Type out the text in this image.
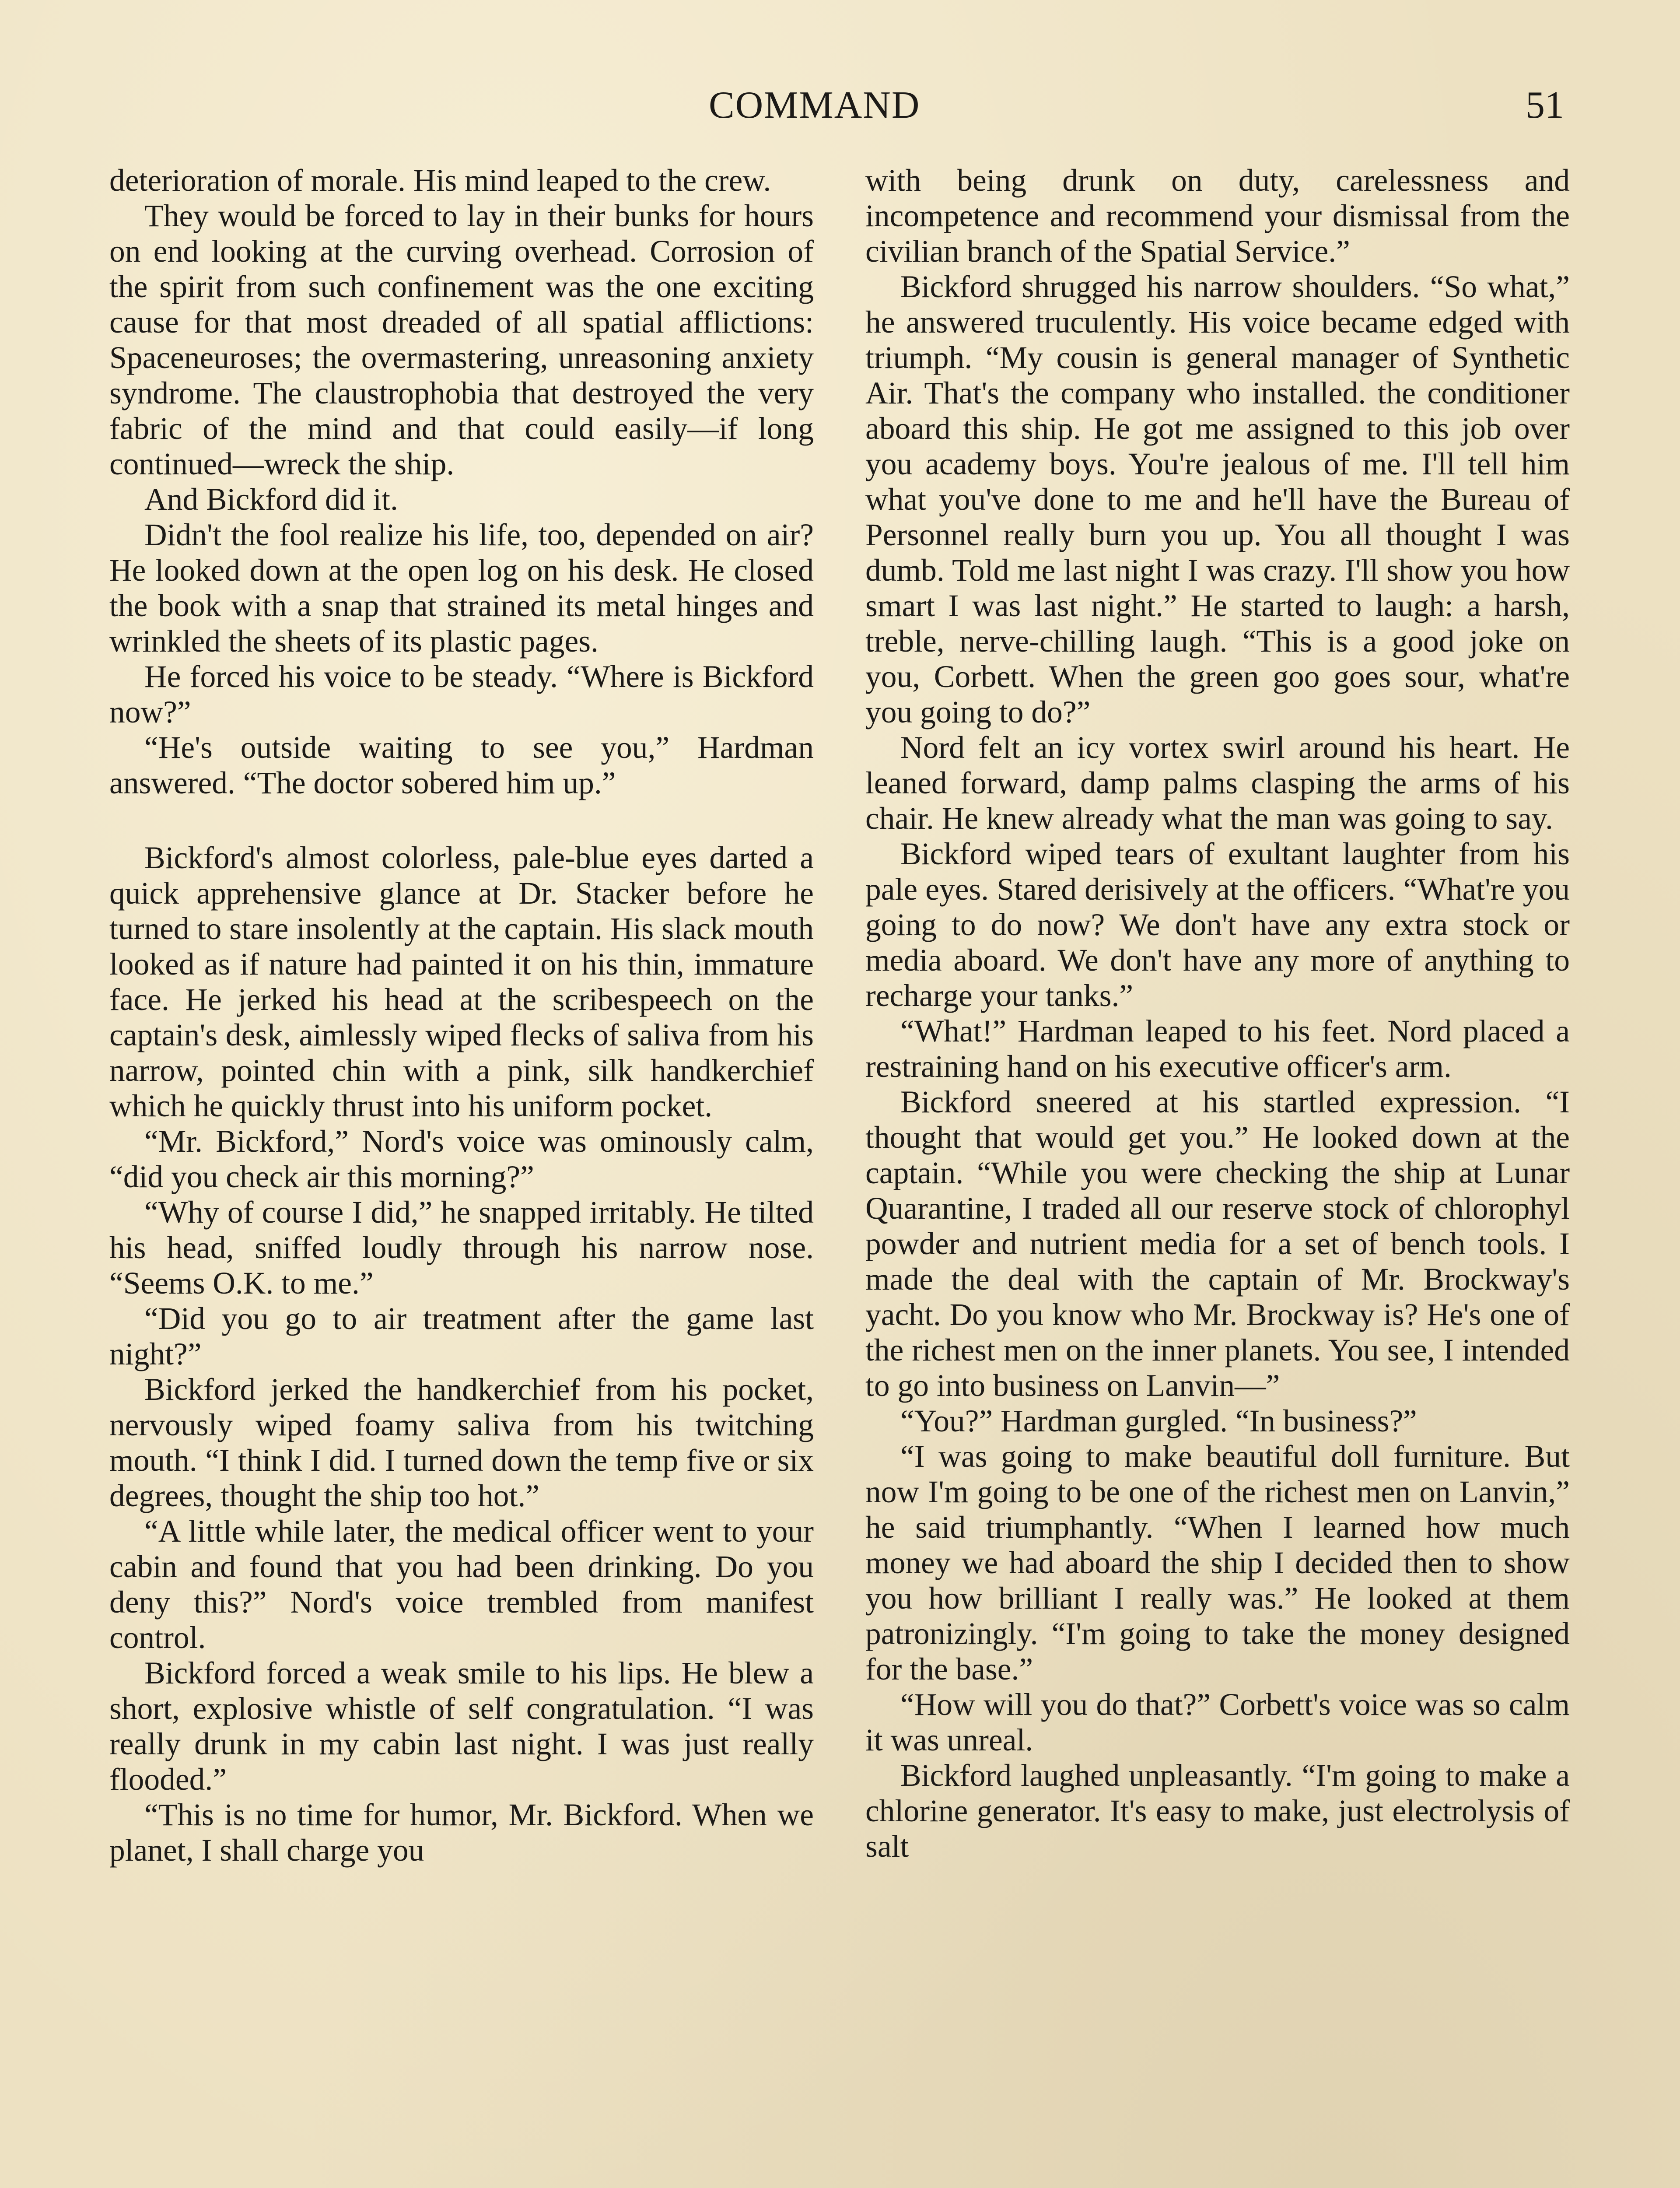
COMMAND	51

deterioration of morale. His mind leaped to the crew.

They would be forced to lay in their bunks for hours on end looking at the curving overhead. Corrosion of the spirit from such confinement was the one exciting cause for that most dreaded of all spatial afflictions: Spaceneuroses; the overmastering, unreasoning anxiety syndrome. The claustrophobia that destroyed the very fabric of the mind and that could easily—if long continued—wreck the ship.

And Bickford did it.

Didn't the fool realize his life, too, depended on air? He looked down at the open log on his desk. He closed the book with a snap that strained its metal hinges and wrinkled the sheets of its plastic pages.

He forced his voice to be steady. “Where is Bickford now?”

“He's outside waiting to see you,” Hardman answered. “The doctor sobered him up.”

Bickford's almost colorless, pale-blue eyes darted a quick apprehensive glance at Dr. Stacker before he turned to stare insolently at the captain. His slack mouth looked as if nature had painted it on his thin, immature face. He jerked his head at the scribespeech on the captain's desk, aimlessly wiped flecks of saliva from his narrow, pointed chin with a pink, silk handkerchief which he quickly thrust into his uniform pocket.

“Mr. Bickford,” Nord's voice was ominously calm, “did you check air this morning?”

“Why of course I did,” he snapped irritably. He tilted his head, sniffed loudly through his narrow nose. “Seems O.K. to me.”

“Did you go to air treatment after the game last night?”

Bickford jerked the handkerchief from his pocket, nervously wiped foamy saliva from his twitching mouth. “I think I did. I turned down the temp five or six degrees, thought the ship too hot.”

“A little while later, the medical officer went to your cabin and found that you had been drinking. Do you deny this?” Nord's voice trembled from manifest control.

Bickford forced a weak smile to his lips. He blew a short, explosive whistle of self congratulation. “I was really drunk in my cabin last night. I was just really flooded.”

“This is no time for humor, Mr. Bickford. When we planet, I shall charge you

with being drunk on duty, carelessness and incompetence and recommend your dismissal from the civilian branch of the Spatial Service.”

Bickford shrugged his narrow shoulders. “So what,” he answered truculently. His voice became edged with triumph. “My cousin is general manager of Synthetic Air. That's the company who installed. the conditioner aboard this ship. He got me assigned to this job over you academy boys. You're jealous of me. I'll tell him what you've done to me and he'll have the Bureau of Personnel really burn you up. You all thought I was dumb. Told me last night I was crazy. I'll show you how smart I was last night.” He started to laugh: a harsh, treble, nerve-chilling laugh. “This is a good joke on you, Corbett. When the green goo goes sour, what're you going to do?”

Nord felt an icy vortex swirl around his heart. He leaned forward, damp palms clasping the arms of his chair. He knew already what the man was going to say.

Bickford wiped tears of exultant laughter from his pale eyes. Stared derisively at the officers. “What're you going to do now? We don't have any extra stock or media aboard. We don't have any more of anything to recharge your tanks.”

“What!” Hardman leaped to his feet. Nord placed a restraining hand on his executive officer's arm.

Bickford sneered at his startled expression. “I thought that would get you.” He looked down at the captain. “While you were checking the ship at Lunar Quarantine, I traded all our reserve stock of chlorophyl powder and nutrient media for a set of bench tools. I made the deal with the captain of Mr. Brockway's yacht. Do you know who Mr. Brockway is? He's one of the richest men on the inner planets. You see, I intended to go into business on Lanvin—”

“You?” Hardman gurgled. “In business?”

“I was going to make beautiful doll furniture. But now I'm going to be one of the richest men on Lanvin,” he said triumphantly. “When I learned how much money we had aboard the ship I decided then to show you how brilliant I really was.” He looked at them patronizingly. “I'm going to take the money designed for the base.”

“How will you do that?” Corbett's voice was so calm it was unreal.

Bickford laughed unpleasantly. “I'm going to make a chlorine generator. It's easy to make, just electrolysis of salt
